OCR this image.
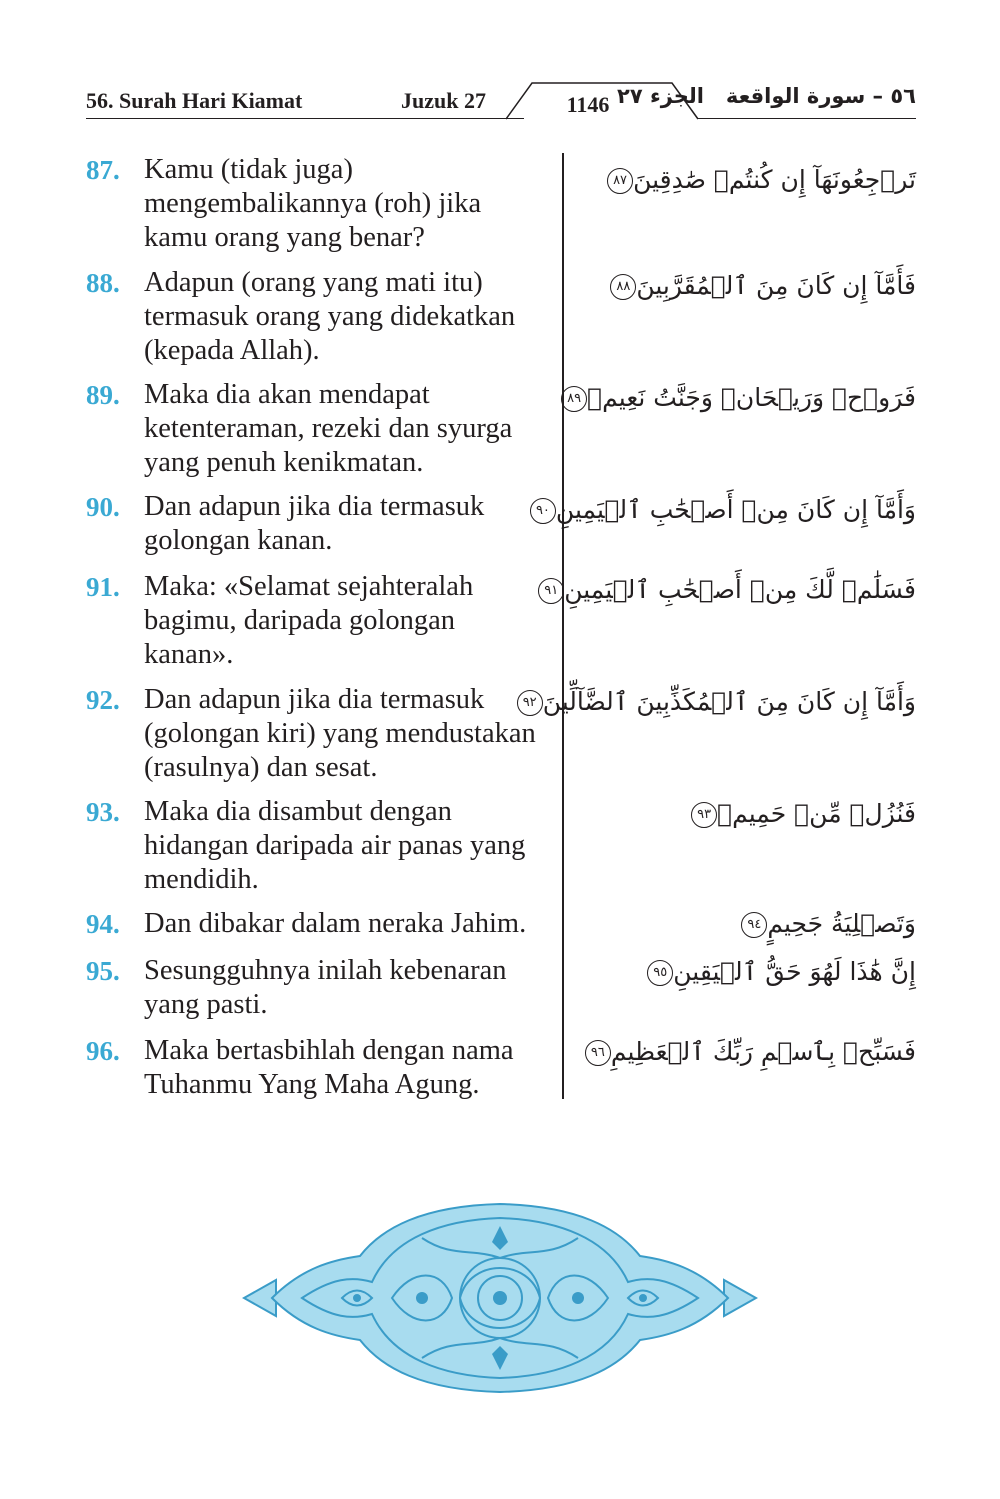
56. Surah Hari Kiamat	Juzuk 27	1146 الجزء ٢٧ ٥٦ – سورة الواقعة
87. Kamu (tidak juga)
mengembalikannya (roh) jika
kamu orang yang benar?
تَرۡجِعُونَهَآ إِن كُنتُمۡ صَٰدِقِينَ٨٧
88. Adapun (orang yang mati itu)
termasuk orang yang didekatkan
(kepada Allah).
فَأَمَّآ إِن كَانَ مِنَ ٱلۡمُقَرَّبِينَ٨٨
89. Maka dia akan mendapat
ketenteraman, rezeki dan syurga
yang penuh kenikmatan.
فَرَوۡحٞ وَرَيۡحَانٞ وَجَنَّتُ نَعِيمٖ٨٩
90. Dan adapun jika dia termasuk
golongan kanan.
وَأَمَّآ إِن كَانَ مِنۡ أَصۡحَٰبِ ٱلۡيَمِينِ٩٠
91. Maka: «Selamat sejahteralah
bagimu, daripada golongan
kanan».
فَسَلَٰمٞ لَّكَ مِنۡ أَصۡحَٰبِ ٱلۡيَمِينِ٩١
92. Dan adapun jika dia termasuk
(golongan kiri) yang mendustakan
(rasulnya) dan sesat.
وَأَمَّآ إِن كَانَ مِنَ ٱلۡمُكَذِّبِينَ ٱلضَّآلِّينَ٩٢
93. Maka dia disambut dengan
hidangan daripada air panas yang
mendidih.
فَنُزُلٞ مِّنۡ حَمِيمٖ٩٣
94. Dan dibakar dalam neraka Jahim.	وَتَصۡلِيَةُ جَحِيمٍ٩٤
95. Sesungguhnya inilah kebenaran
yang pasti.
إِنَّ هَٰذَا لَهُوَ حَقُّ ٱلۡيَقِينِ٩٥
96. Maka bertasbihlah dengan nama
Tuhanmu Yang Maha Agung.
فَسَبِّحۡ بِٱسۡمِ رَبِّكَ ٱلۡعَظِيمِ٩٦
